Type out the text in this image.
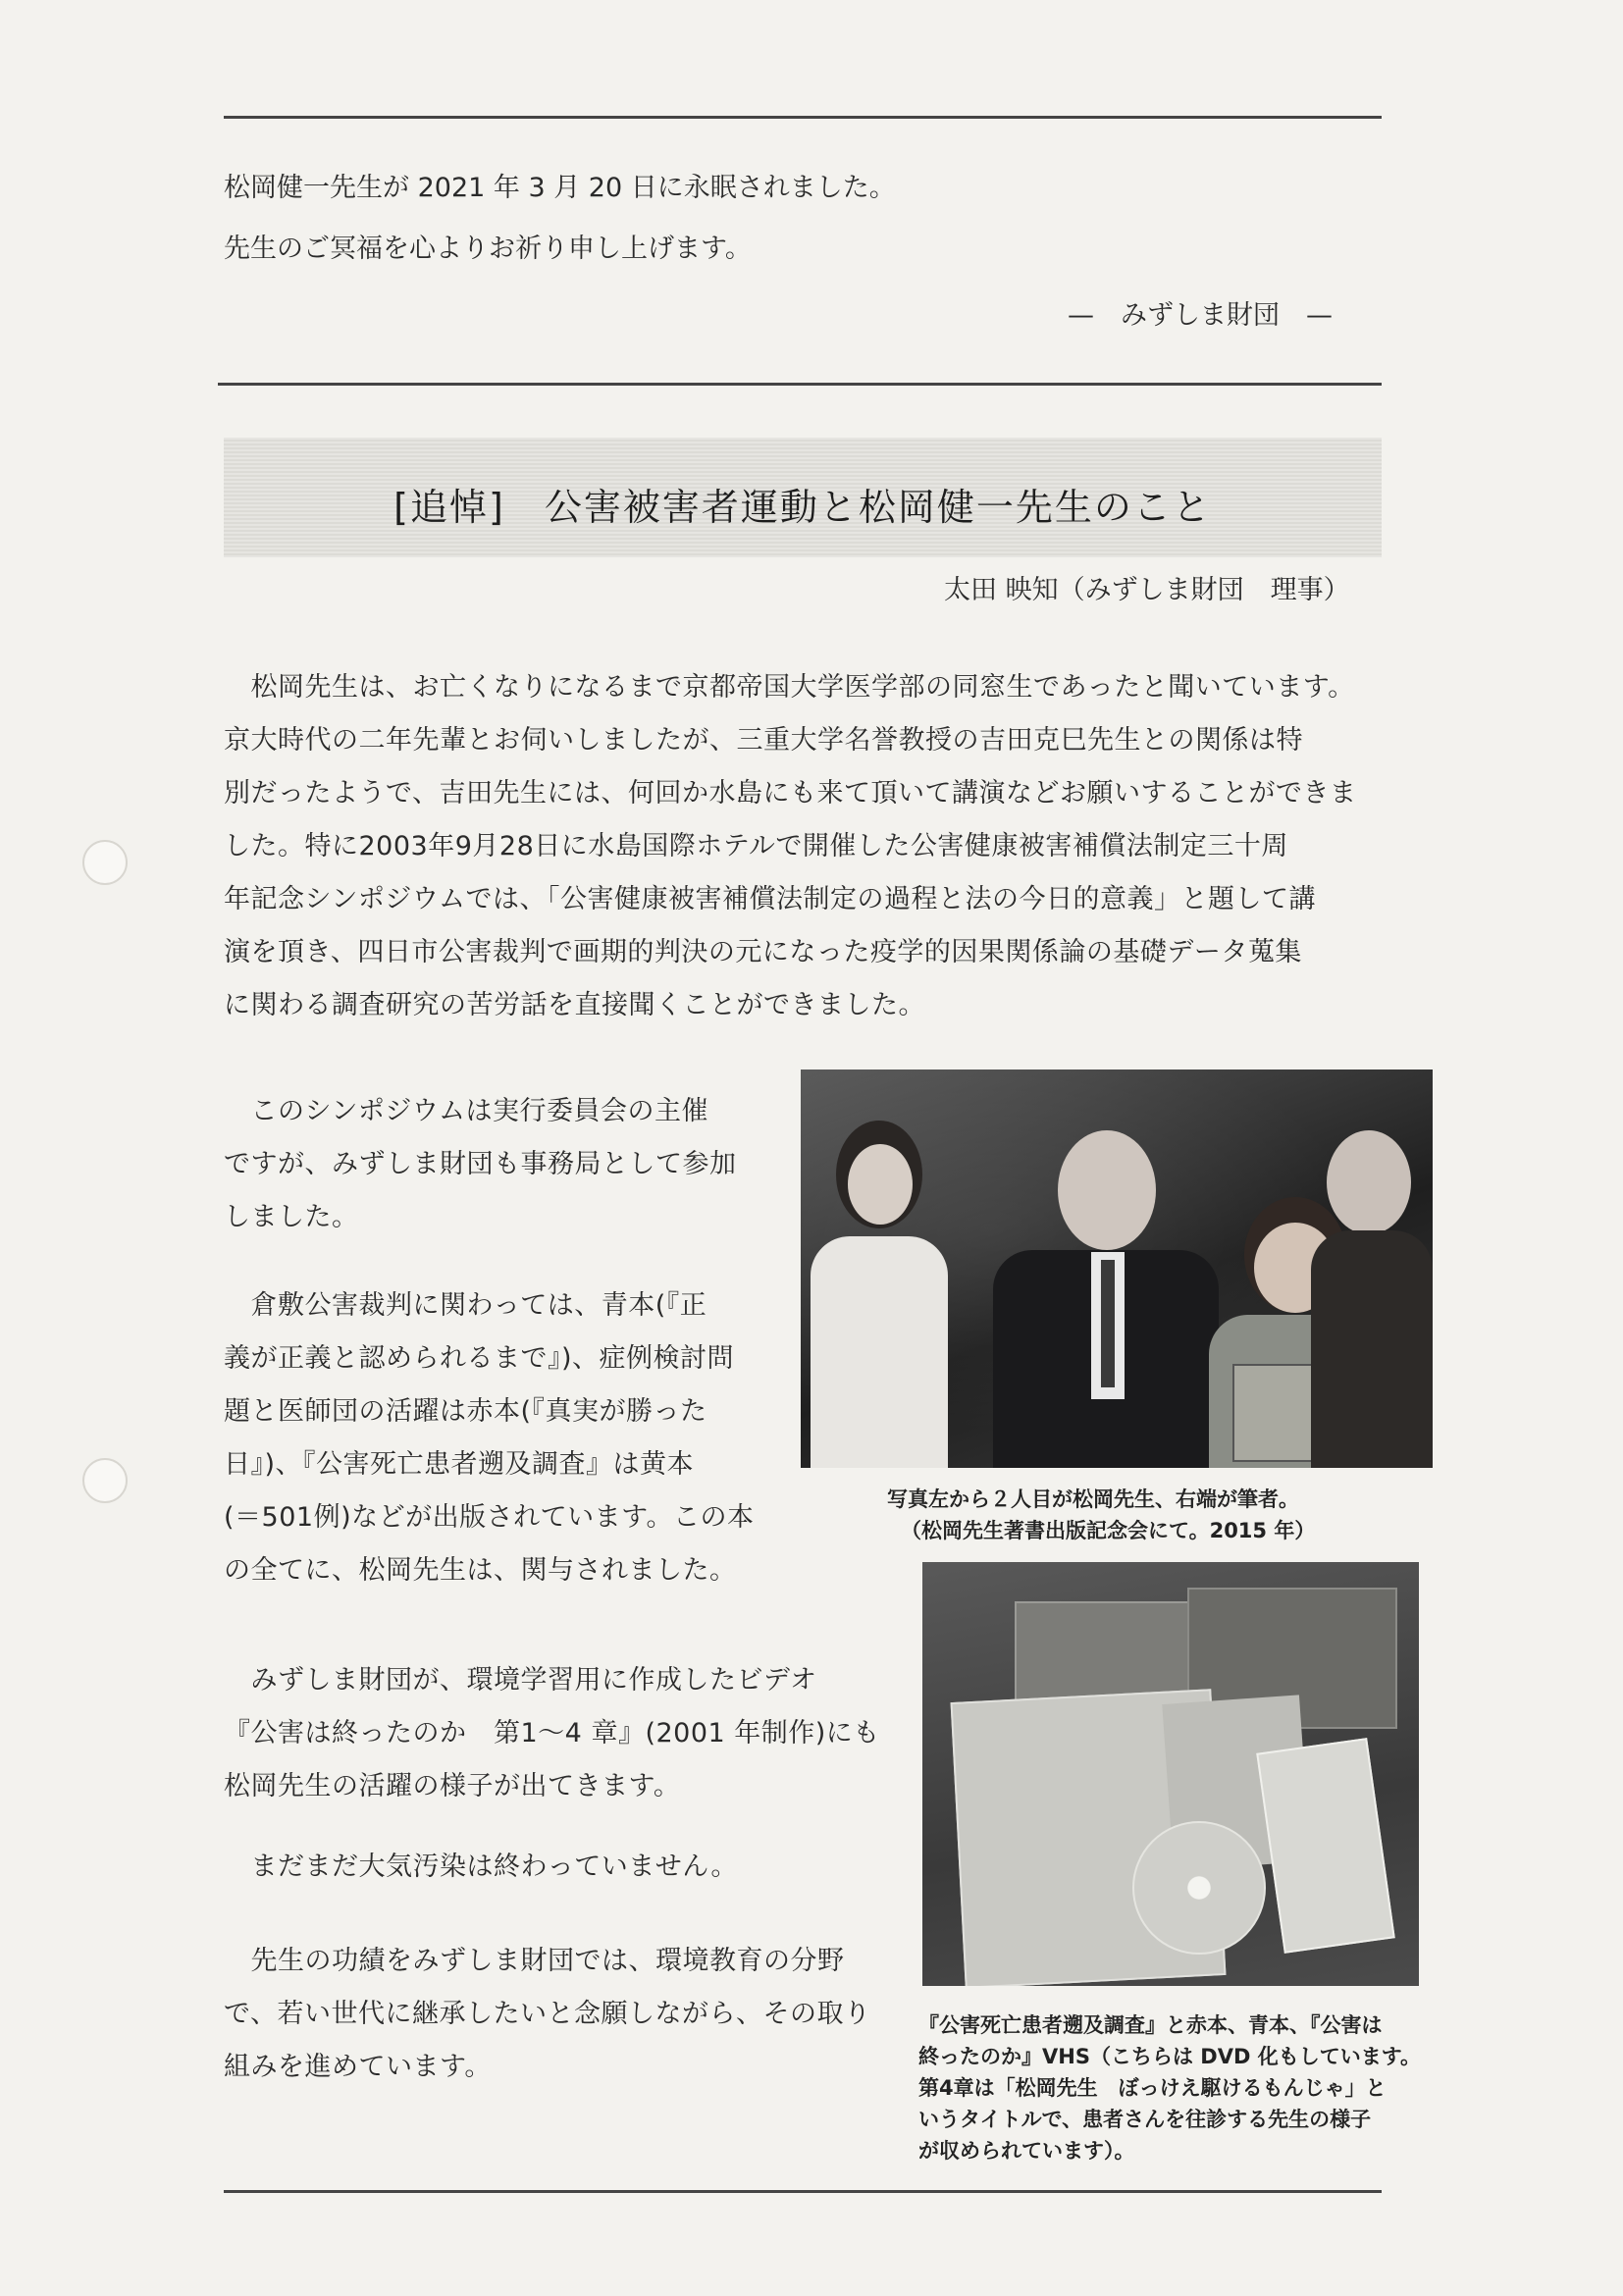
松岡健一先生が 2021 年 3 月 20 日に永眠されました。
先生のご冥福を心よりお祈り申し上げます。
—　みずしま財団　—
[追悼]　公害被害者運動と松岡健一先生のこと
太田 映知（みずしま財団　理事）
　松岡先生は、お亡くなりになるまで京都帝国大学医学部の同窓生であったと聞いています。
京大時代の二年先輩とお伺いしましたが、三重大学名誉教授の吉田克巳先生との関係は特
別だったようで、吉田先生には、何回か水島にも来て頂いて講演などお願いすることができま
した。特に2003年9月28日に水島国際ホテルで開催した公害健康被害補償法制定三十周
年記念シンポジウムでは、「公害健康被害補償法制定の過程と法の今日的意義」と題して講
演を頂き、四日市公害裁判で画期的判決の元になった疫学的因果関係論の基礎データ蒐集
に関わる調査研究の苦労話を直接聞くことができました。
　このシンポジウムは実行委員会の主催
ですが、みずしま財団も事務局として参加
しました。
　倉敷公害裁判に関わっては、青本(『正
義が正義と認められるまで』)、症例検討問
題と医師団の活躍は赤本(『真実が勝った
日』)、『公害死亡患者遡及調査』は黄本
(＝501例)などが出版されています。この本
の全てに、松岡先生は、関与されました。
　みずしま財団が、環境学習用に作成したビデオ
『公害は終ったのか　第1～4 章』(2001 年制作)にも
松岡先生の活躍の様子が出てきます。
　まだまだ大気汚染は終わっていません。
　先生の功績をみずしま財団では、環境教育の分野
で、若い世代に継承したいと念願しながら、その取り
組みを進めています。
写真左から２人目が松岡先生、右端が筆者。
（松岡先生著書出版記念会にて。2015 年）
『公害死亡患者遡及調査』と赤本、青本、『公害は
終ったのか』VHS（こちらは DVD 化もしています。
第4章は「松岡先生　ぼっけえ駆けるもんじゃ」と
いうタイトルで、患者さんを往診する先生の様子
が収められています）。
